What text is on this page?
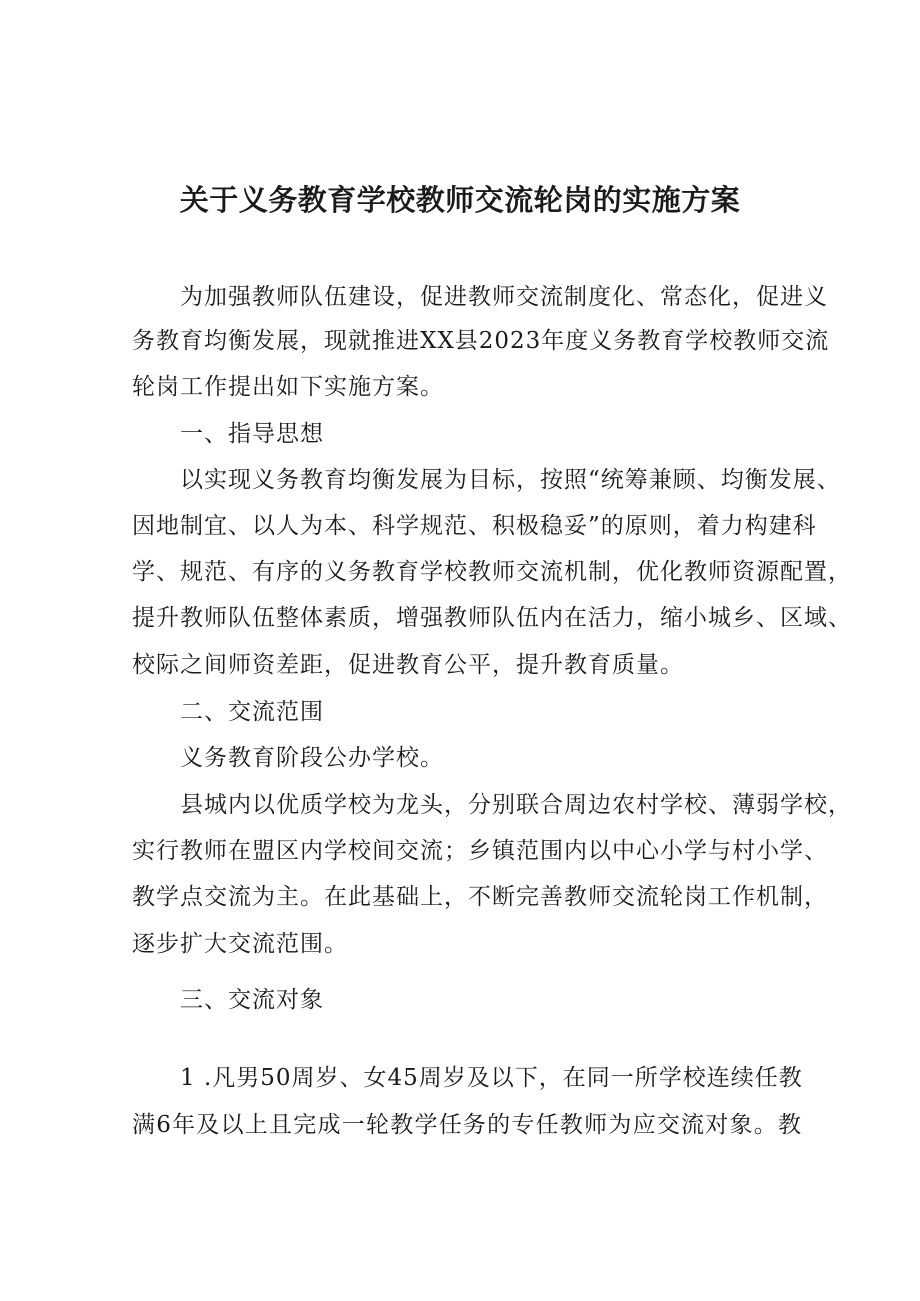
关于义务教育学校教师交流轮岗的实施方案
为加强教师队伍建设，促进教师交流制度化、常态化，促进义
务教育均衡发展，现就推进XX县2023年度义务教育学校教师交流
轮岗工作提出如下实施方案。
一、指导思想
以实现义务教育均衡发展为目标，按照“统筹兼顾、均衡发展、
因地制宜、以人为本、科学规范、积极稳妥”的原则，着力构建科
学、规范、有序的义务教育学校教师交流机制，优化教师资源配置，
提升教师队伍整体素质，增强教师队伍内在活力，缩小城乡、区域、
校际之间师资差距，促进教育公平，提升教育质量。
二、交流范围
义务教育阶段公办学校。
县城内以优质学校为龙头，分别联合周边农村学校、薄弱学校，
实行教师在盟区内学校间交流；乡镇范围内以中心小学与村小学、
教学点交流为主。在此基础上，不断完善教师交流轮岗工作机制，
逐步扩大交流范围。
三、交流对象
1 .凡男50周岁、女45周岁及以下，在同一所学校连续任教
满6年及以上且完成一轮教学任务的专任教师为应交流对象。教
